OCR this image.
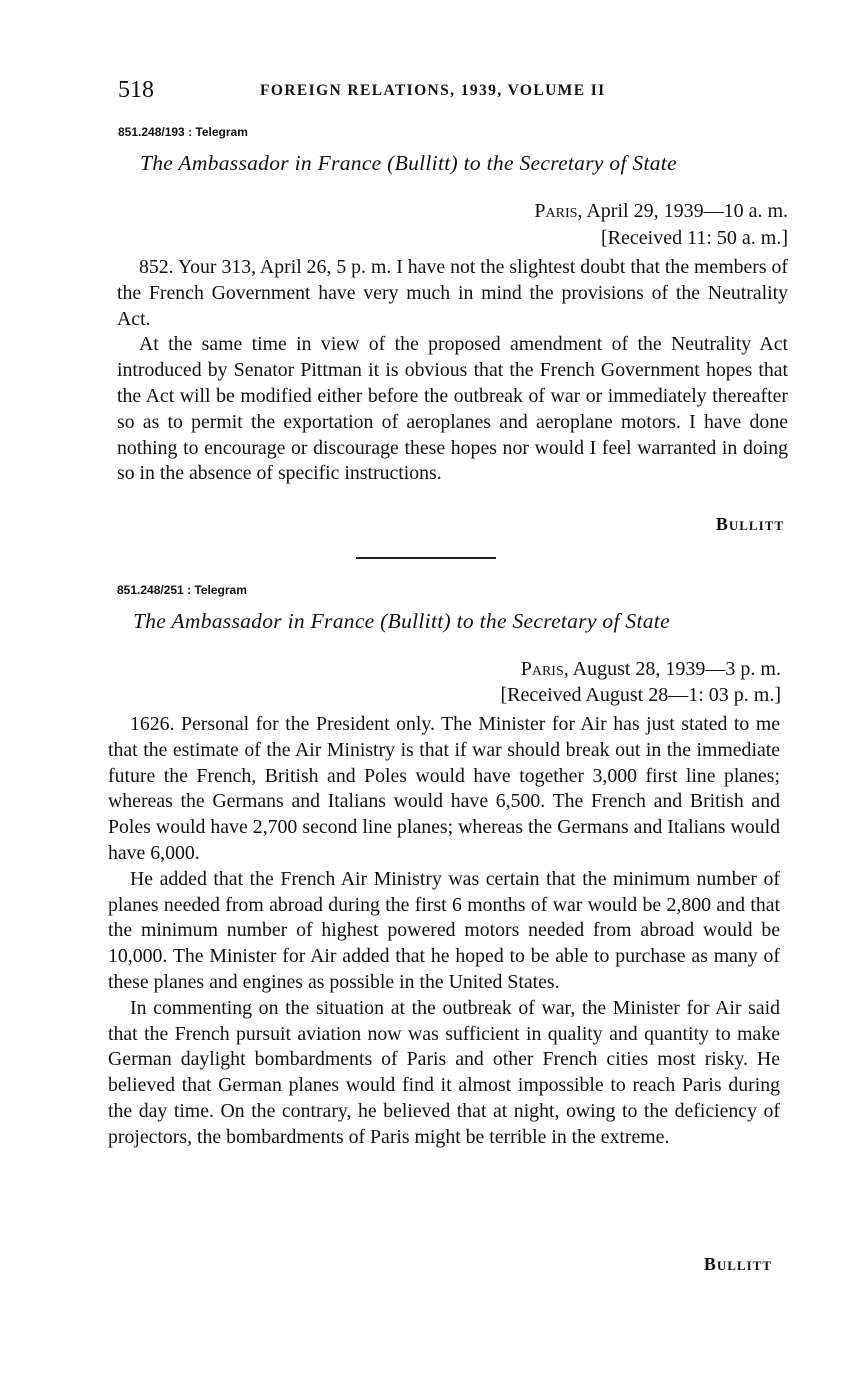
518	FOREIGN RELATIONS, 1939, VOLUME II
851.248/193 : Telegram
The Ambassador in France (Bullitt) to the Secretary of State
Paris, April 29, 1939—10 a. m.
[Received 11: 50 a. m.]

852. Your 313, April 26, 5 p. m. I have not the slightest doubt that the members of the French Government have very much in mind the provisions of the Neutrality Act.

At the same time in view of the proposed amendment of the Neutrality Act introduced by Senator Pittman it is obvious that the French Government hopes that the Act will be modified either before the outbreak of war or immediately thereafter so as to permit the exportation of aeroplanes and aeroplane motors. I have done nothing to encourage or discourage these hopes nor would I feel warranted in doing so in the absence of specific instructions.

Bullitt
851.248/251 : Telegram
The Ambassador in France (Bullitt) to the Secretary of State
Paris, August 28, 1939—3 p. m.
[Received August 28—1: 03 p. m.]

1626. Personal for the President only. The Minister for Air has just stated to me that the estimate of the Air Ministry is that if war should break out in the immediate future the French, British and Poles would have together 3,000 first line planes; whereas the Germans and Italians would have 6,500. The French and British and Poles would have 2,700 second line planes; whereas the Germans and Italians would have 6,000.

He added that the French Air Ministry was certain that the minimum number of planes needed from abroad during the first 6 months of war would be 2,800 and that the minimum number of highest powered motors needed from abroad would be 10,000. The Minister for Air added that he hoped to be able to purchase as many of these planes and engines as possible in the United States.

In commenting on the situation at the outbreak of war, the Minister for Air said that the French pursuit aviation now was sufficient in quality and quantity to make German daylight bombardments of Paris and other French cities most risky. He believed that German planes would find it almost impossible to reach Paris during the day time. On the contrary, he believed that at night, owing to the deficiency of projectors, the bombardments of Paris might be terrible in the extreme.

Bullitt
